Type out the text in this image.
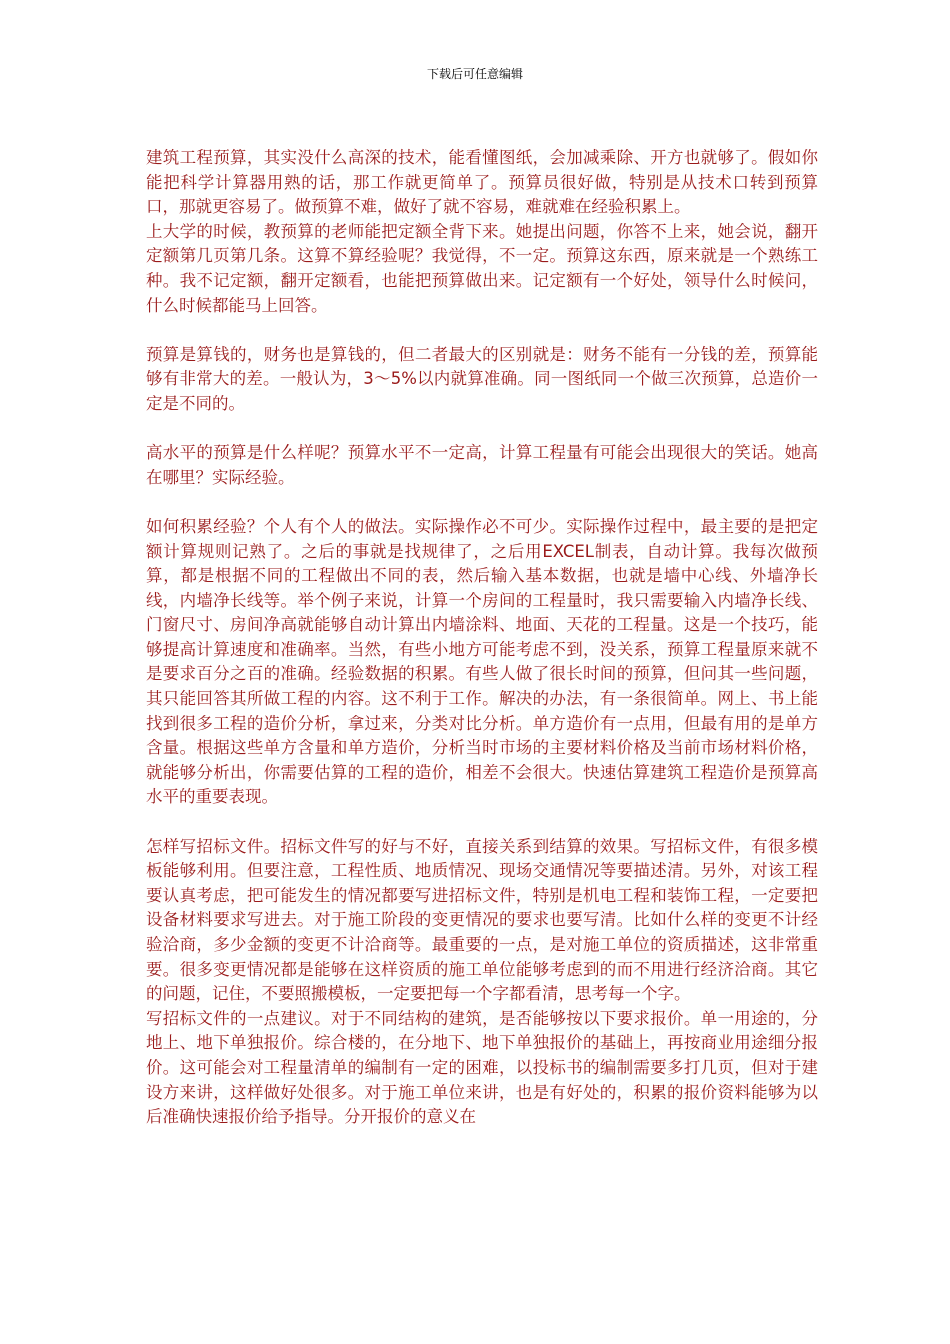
下载后可任意编辑

建筑工程预算，其实没什么高深的技术，能看懂图纸，会加减乘除、开方也就够了。假如你能把科学计算器用熟的话，那工作就更简单了。预算员很好做，特别是从技术口转到预算口，那就更容易了。做预算不难，做好了就不容易，难就难在经验积累上。

上大学的时候，教预算的老师能把定额全背下来。她提出问题，你答不上来，她会说，翻开定额第几页第几条。这算不算经验呢？我觉得，不一定。预算这东西，原来就是一个熟练工种。我不记定额，翻开定额看，也能把预算做出来。记定额有一个好处，领导什么时候问，什么时候都能马上回答。

预算是算钱的，财务也是算钱的，但二者最大的区别就是：财务不能有一分钱的差，预算能够有非常大的差。一般认为，3～5%以内就算准确。同一图纸同一个做三次预算，总造价一定是不同的。

高水平的预算是什么样呢？预算水平不一定高，计算工程量有可能会出现很大的笑话。她高在哪里？实际经验。

如何积累经验？个人有个人的做法。实际操作必不可少。实际操作过程中，最主要的是把定额计算规则记熟了。之后的事就是找规律了，之后用EXCEL制表，自动计算。我每次做预算，都是根据不同的工程做出不同的表，然后输入基本数据，也就是墙中心线、外墙净长线，内墙净长线等。举个例子来说，计算一个房间的工程量时，我只需要输入内墙净长线、门窗尺寸、房间净高就能够自动计算出内墙涂料、地面、天花的工程量。这是一个技巧，能够提高计算速度和准确率。当然，有些小地方可能考虑不到，没关系，预算工程量原来就不是要求百分之百的准确。经验数据的积累。有些人做了很长时间的预算，但问其一些问题，其只能回答其所做工程的内容。这不利于工作。解决的办法，有一条很简单。网上、书上能找到很多工程的造价分析，拿过来，分类对比分析。单方造价有一点用，但最有用的是单方含量。根据这些单方含量和单方造价，分析当时市场的主要材料价格及当前市场材料价格，就能够分析出，你需要估算的工程的造价，相差不会很大。快速估算建筑工程造价是预算高水平的重要表现。

怎样写招标文件。招标文件写的好与不好，直接关系到结算的效果。写招标文件，有很多模板能够利用。但要注意，工程性质、地质情况、现场交通情况等要描述清。另外，对该工程要认真考虑，把可能发生的情况都要写进招标文件，特别是机电工程和装饰工程，一定要把设备材料要求写进去。对于施工阶段的变更情况的要求也要写清。比如什么样的变更不计经验洽商，多少金额的变更不计洽商等。最重要的一点，是对施工单位的资质描述，这非常重要。很多变更情况都是能够在这样资质的施工单位能够考虑到的而不用进行经济洽商。其它的问题，记住，不要照搬模板，一定要把每一个字都看清，思考每一个字。

写招标文件的一点建议。对于不同结构的建筑，是否能够按以下要求报价。单一用途的，分地上、地下单独报价。综合楼的，在分地下、地下单独报价的基础上，再按商业用途细分报价。这可能会对工程量清单的编制有一定的困难，以投标书的编制需要多打几页，但对于建设方来讲，这样做好处很多。对于施工单位来讲，也是有好处的，积累的报价资料能够为以后准确快速报价给予指导。分开报价的意义在
